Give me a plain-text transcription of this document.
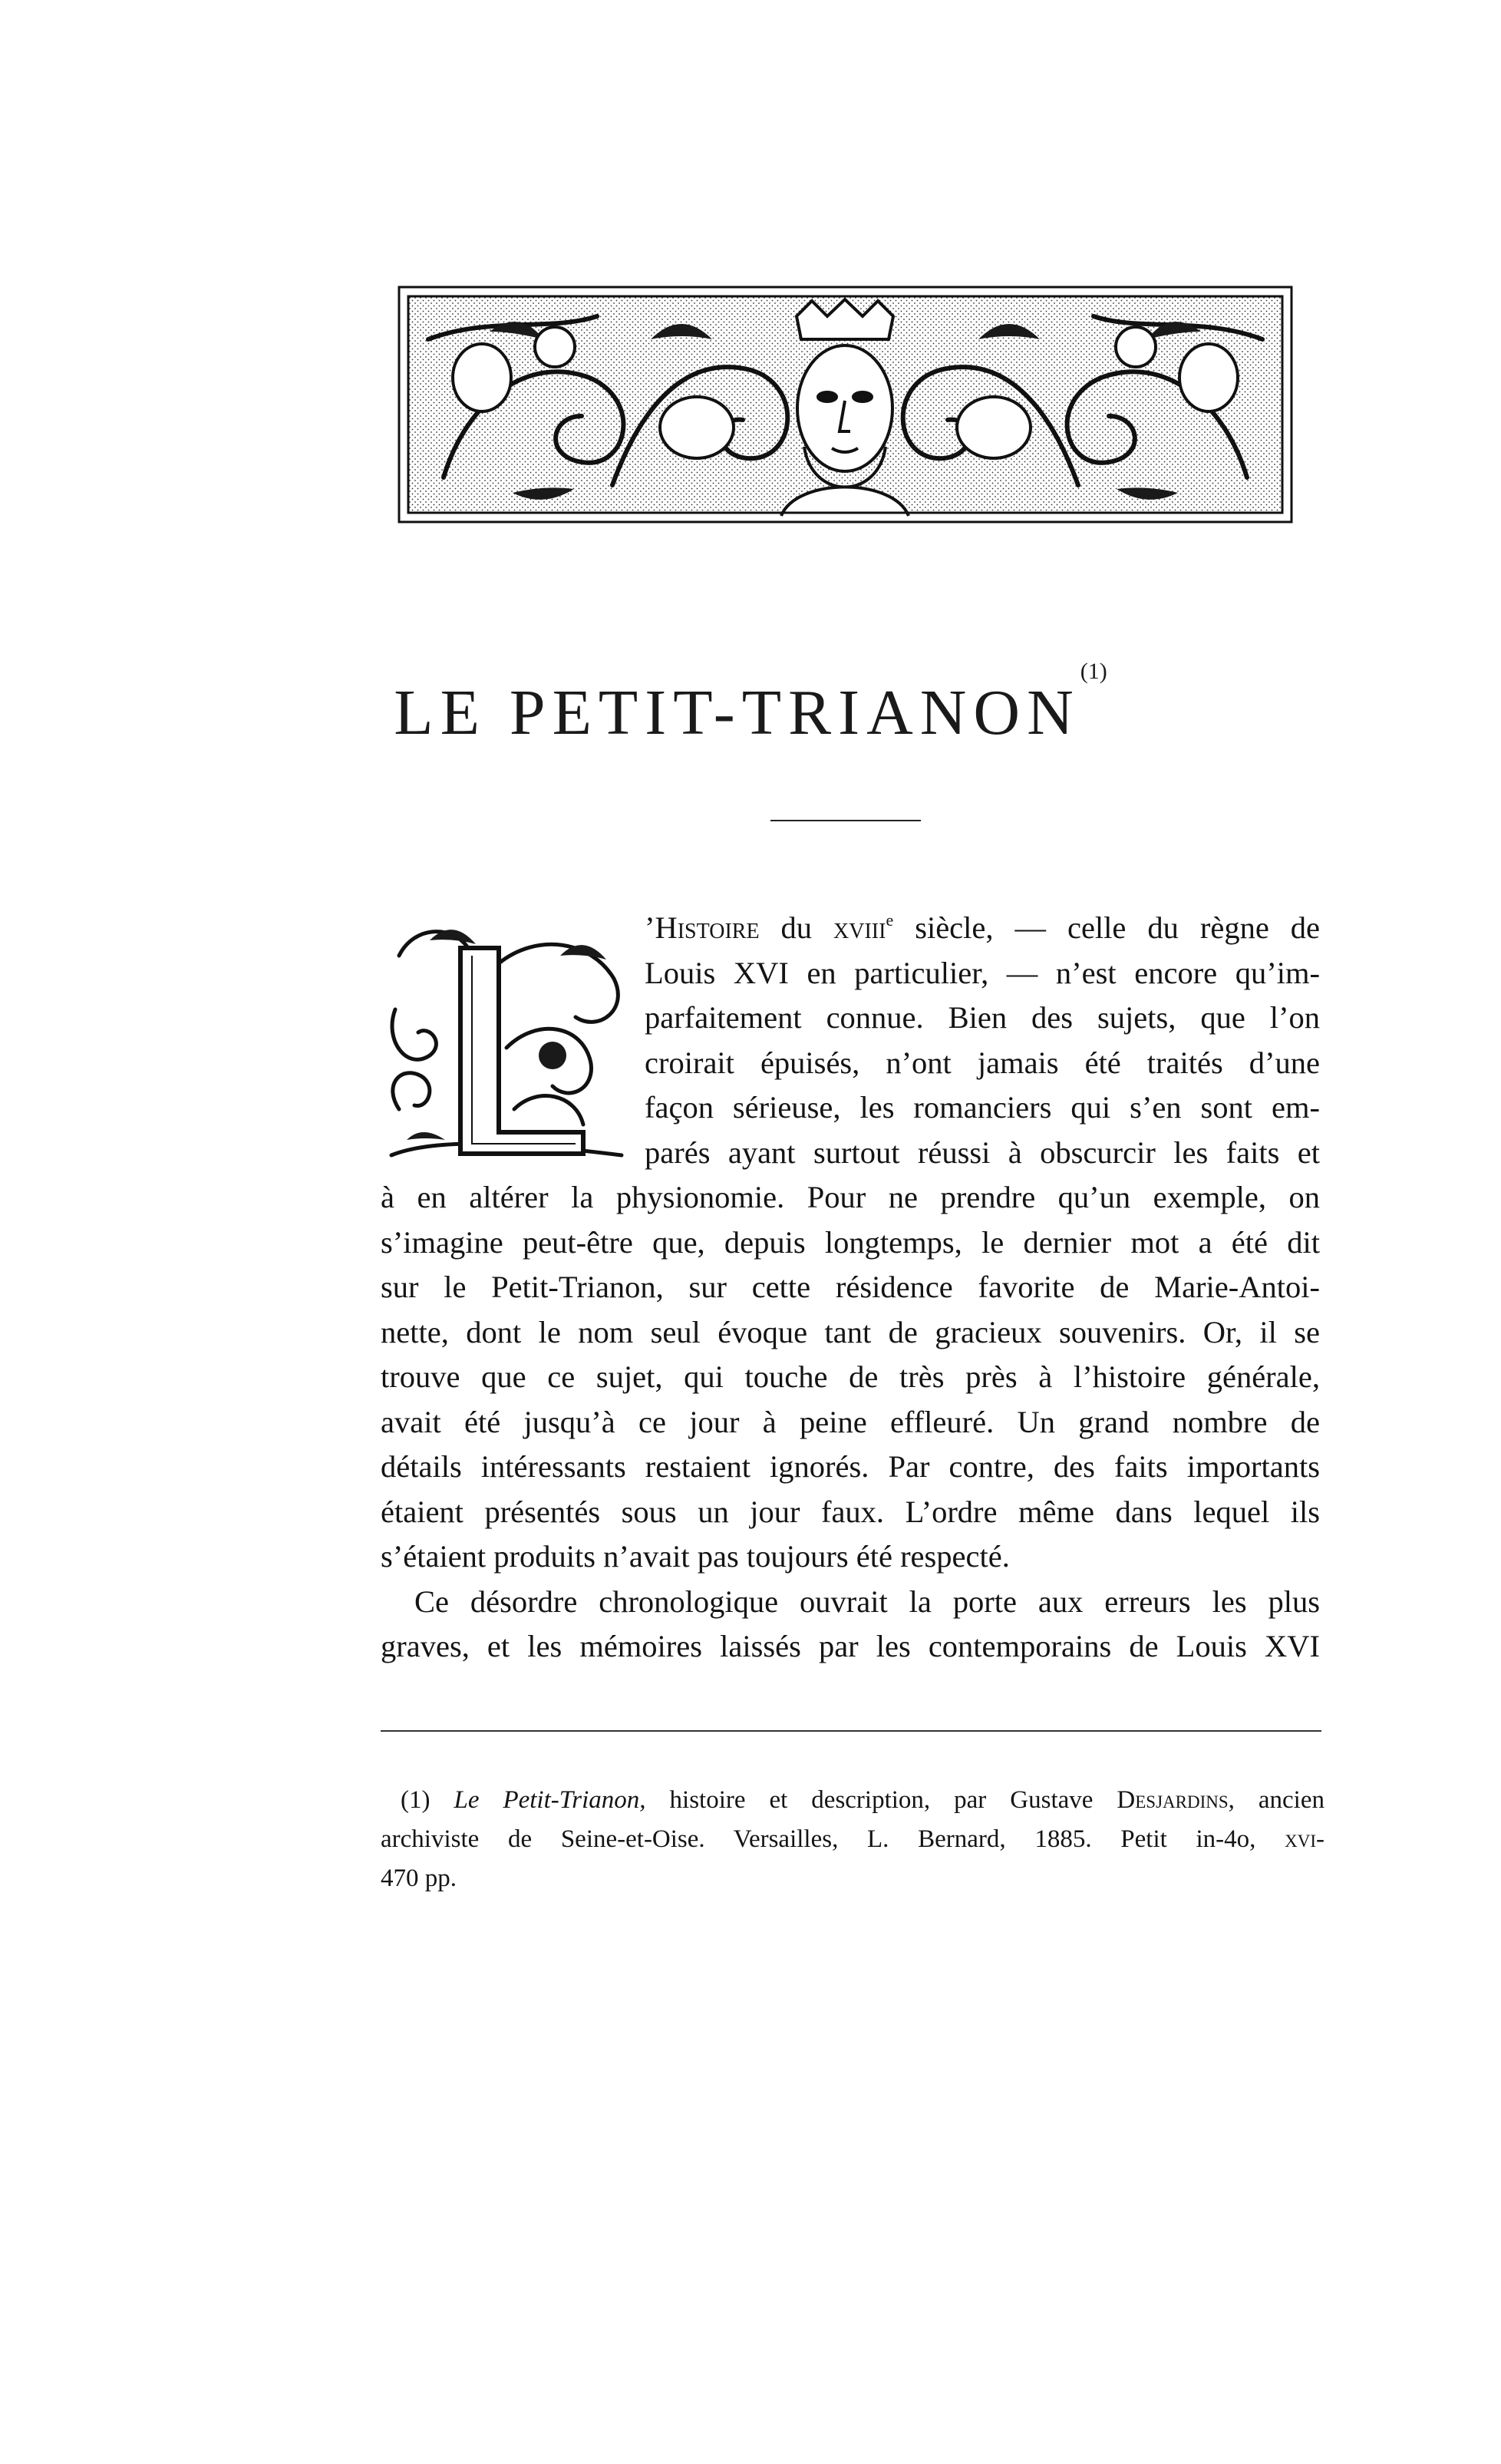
LE PETIT-TRIANON$^{(1)}$
’Histoire du xviii$^e$ siècle, — celle du règne de
Louis XVI en particulier, — n’est encore qu’im-
parfaitement connue. Bien des sujets, que l’on
croirait épuisés, n’ont jamais été traités d’une
façon sérieuse, les romanciers qui s’en sont em-
parés ayant surtout réussi à obscurcir les faits et
à en altérer la physionomie. Pour ne prendre qu’un exemple, on
s’imagine peut-être que, depuis longtemps, le dernier mot a été dit
sur le Petit-Trianon, sur cette résidence favorite de Marie-Antoi-
nette, dont le nom seul évoque tant de gracieux souvenirs. Or, il se
trouve que ce sujet, qui touche de très près à l’histoire générale,
avait été jusqu’à ce jour à peine effleuré. Un grand nombre de
détails intéressants restaient ignorés. Par contre, des faits importants
étaient présentés sous un jour faux. L’ordre même dans lequel ils
s’étaient produits n’avait pas toujours été respecté.
Ce désordre chronologique ouvrait la porte aux erreurs les plus
graves, et les mémoires laissés par les contemporains de Louis XVI
(1) Le Petit-Trianon, histoire et description, par Gustave Desjardins, ancien
archiviste de Seine-et-Oise. Versailles, L. Bernard, 1885. Petit in-4o, xvi-
470 pp.
